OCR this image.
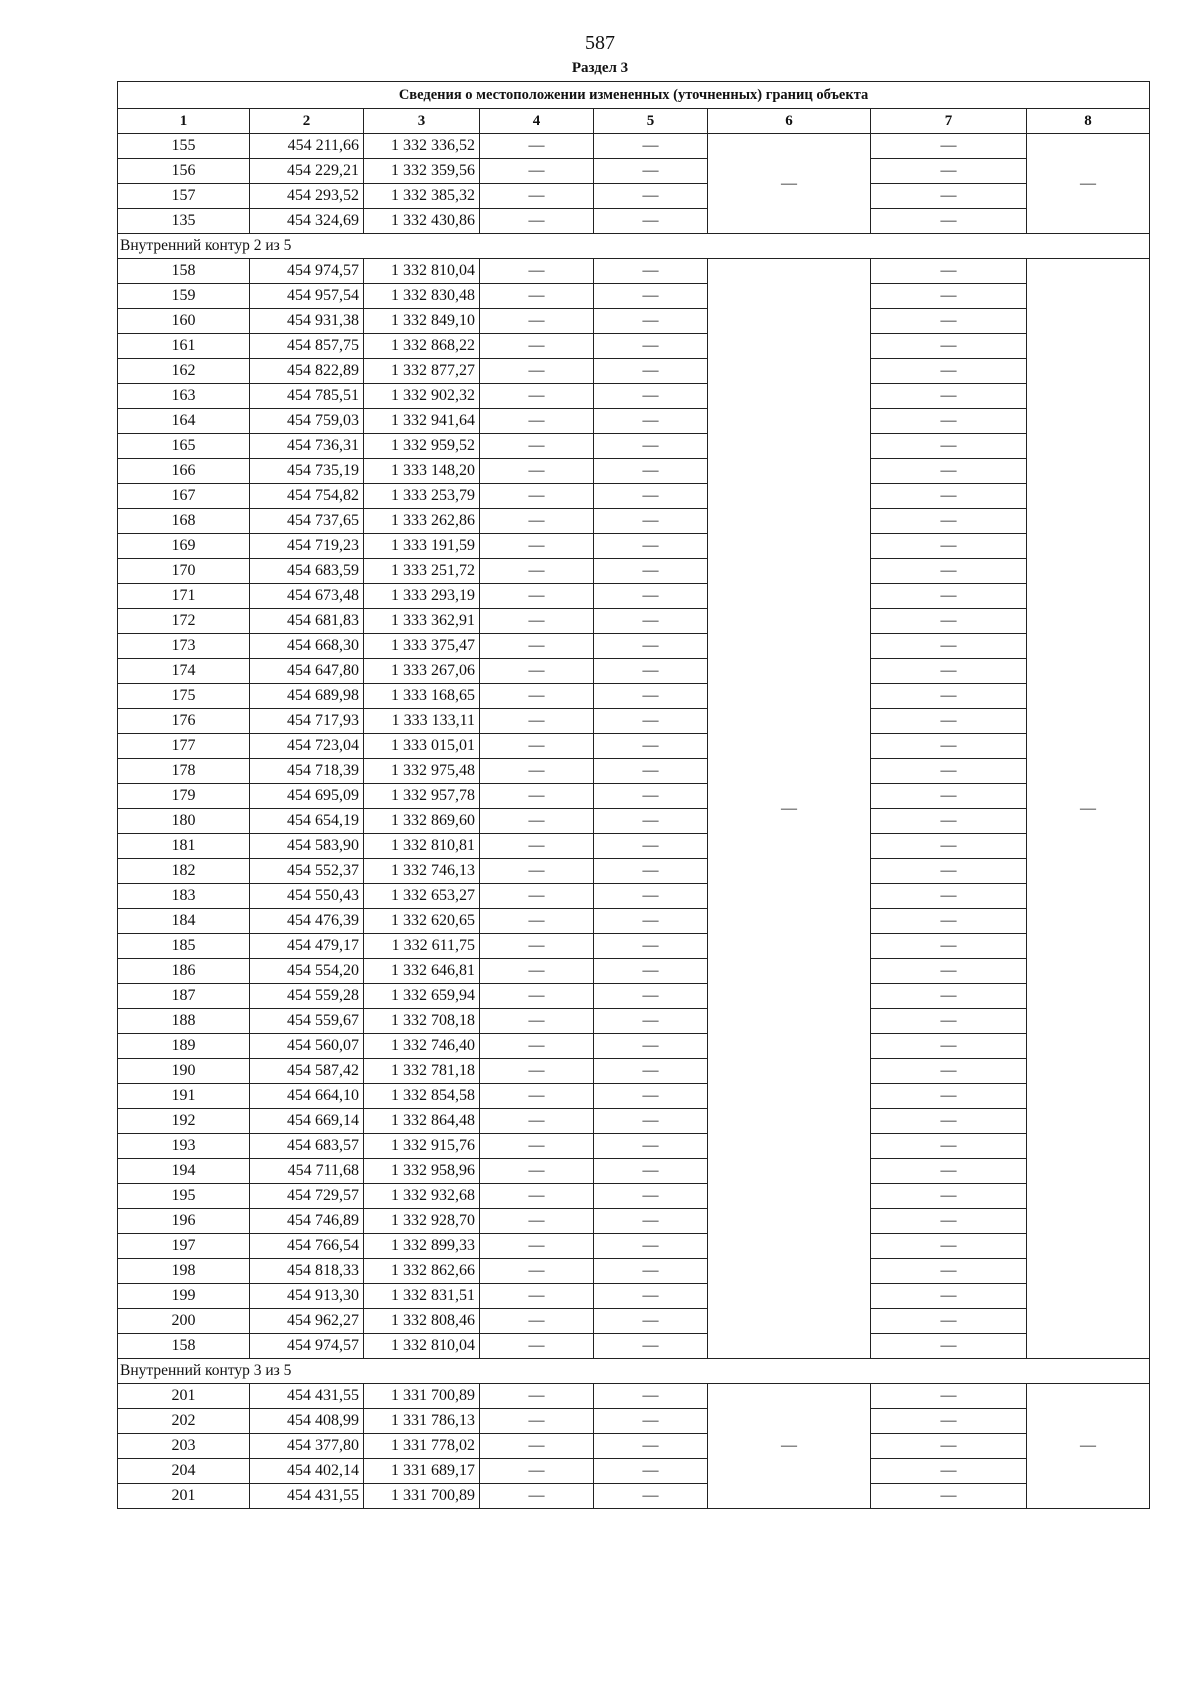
587
Раздел 3
Сведения о местоположении измененных (уточненных) границ объекта							
1	2	3	4	5	6	7	8
155	454 211,66	1 332 336,52	—	—	—	—	—
156	454 229,21	1 332 359,56	—	—		—	
157	454 293,52	1 332 385,32	—	—		—	
135	454 324,69	1 332 430,86	—	—		—	
Внутренний контур 2 из 5							
158	454 974,57	1 332 810,04	—	—	—	—	—
159	454 957,54	1 332 830,48	—	—		—	
160	454 931,38	1 332 849,10	—	—		—	
161	454 857,75	1 332 868,22	—	—		—	
162	454 822,89	1 332 877,27	—	—		—	
163	454 785,51	1 332 902,32	—	—		—	
164	454 759,03	1 332 941,64	—	—		—	
165	454 736,31	1 332 959,52	—	—		—	
166	454 735,19	1 333 148,20	—	—		—	
167	454 754,82	1 333 253,79	—	—		—	
168	454 737,65	1 333 262,86	—	—		—	
169	454 719,23	1 333 191,59	—	—		—	
170	454 683,59	1 333 251,72	—	—		—	
171	454 673,48	1 333 293,19	—	—		—	
172	454 681,83	1 333 362,91	—	—		—	
173	454 668,30	1 333 375,47	—	—		—	
174	454 647,80	1 333 267,06	—	—		—	
175	454 689,98	1 333 168,65	—	—		—	
176	454 717,93	1 333 133,11	—	—		—	
177	454 723,04	1 333 015,01	—	—		—	
178	454 718,39	1 332 975,48	—	—		—	
179	454 695,09	1 332 957,78	—	—		—	
180	454 654,19	1 332 869,60	—	—		—	
181	454 583,90	1 332 810,81	—	—		—	
182	454 552,37	1 332 746,13	—	—		—	
183	454 550,43	1 332 653,27	—	—		—	
184	454 476,39	1 332 620,65	—	—		—	
185	454 479,17	1 332 611,75	—	—		—	
186	454 554,20	1 332 646,81	—	—		—	
187	454 559,28	1 332 659,94	—	—		—	
188	454 559,67	1 332 708,18	—	—		—	
189	454 560,07	1 332 746,40	—	—		—	
190	454 587,42	1 332 781,18	—	—		—	
191	454 664,10	1 332 854,58	—	—		—	
192	454 669,14	1 332 864,48	—	—		—	
193	454 683,57	1 332 915,76	—	—		—	
194	454 711,68	1 332 958,96	—	—		—	
195	454 729,57	1 332 932,68	—	—		—	
196	454 746,89	1 332 928,70	—	—		—	
197	454 766,54	1 332 899,33	—	—		—	
198	454 818,33	1 332 862,66	—	—		—	
199	454 913,30	1 332 831,51	—	—		—	
200	454 962,27	1 332 808,46	—	—		—	
158	454 974,57	1 332 810,04	—	—		—	
Внутренний контур 3 из 5							
201	454 431,55	1 331 700,89	—	—	—	—	—
202	454 408,99	1 331 786,13	—	—		—	
203	454 377,80	1 331 778,02	—	—		—	
204	454 402,14	1 331 689,17	—	—		—	
201	454 431,55	1 331 700,89	—	—		—	
